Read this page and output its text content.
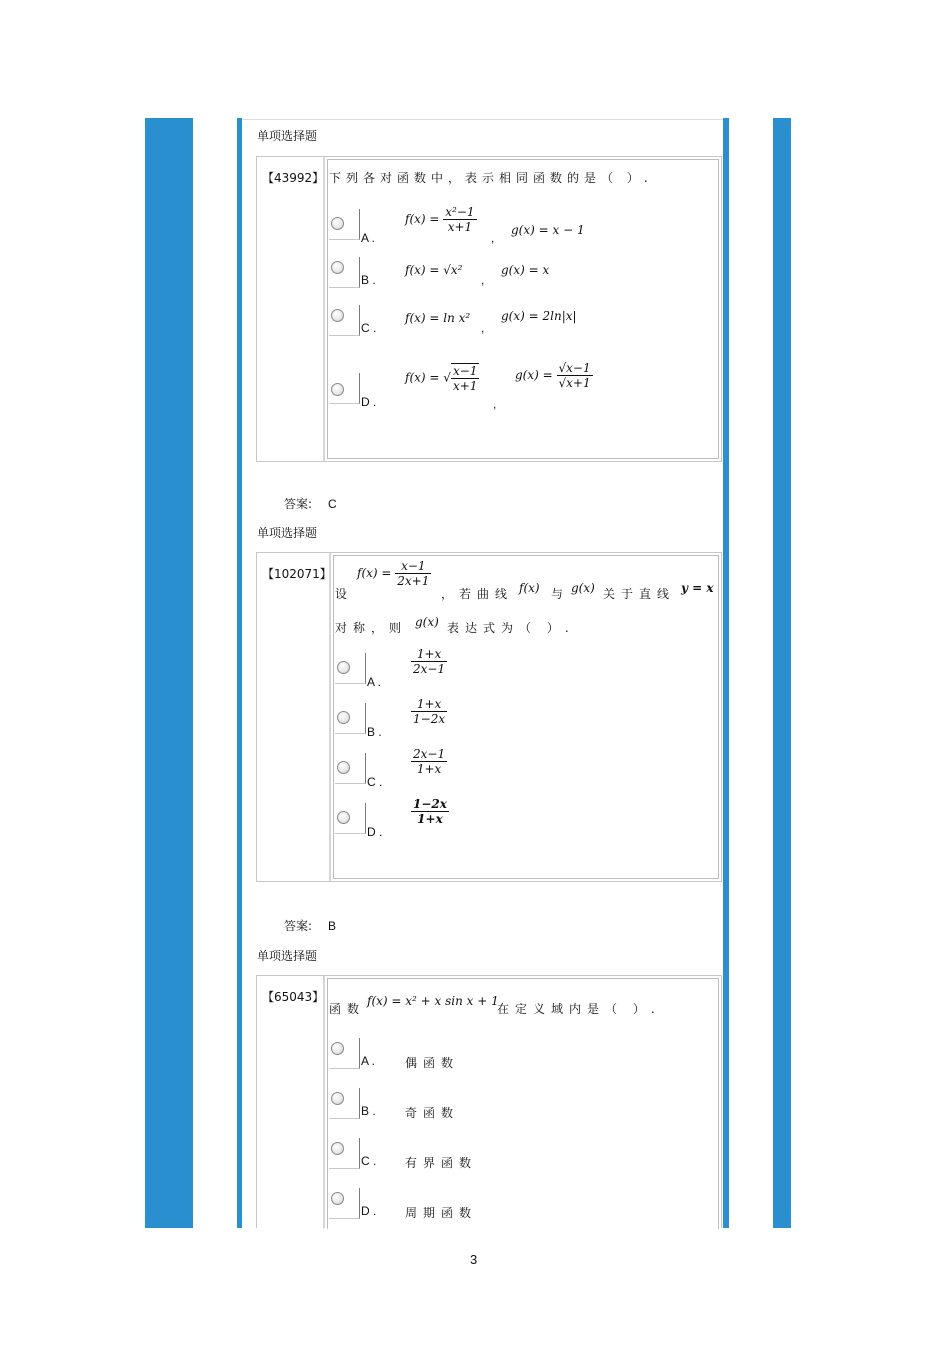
单项选择题
【43992】 下列各对函数中，表示相同函数的是（ ）.
A .
$f(x) = \frac{\text{x²−1}}{x+1}$
,
g(x) = x − 1
B .
f(x) = √x²
,
g(x) = x
C .
f(x) = ln x²
,
g(x) = 2ln|x|
D .
f(x) = √ $\frac{x-1}{x+1}$
,
$g(x) = \frac{√x-1}{√x+1}$
答案: C
单项选择题
【102071】
设
$f(x) = \frac{x-1}{2x+1}$
，若曲线 f(x) 与 g(x) 关于直线 y = x
对称，则 g(x) 表达式为（ ）.
A .
$\frac{1+x}{2x-1}$
B .
$\frac{1+x}{1-2x}$
C .
$\frac{2x-1}{1+x}$
D .
$\frac{1-2x}{1+x}$
答案: B
单项选择题
【65043】
函数
f(x) = x² + x sin x + 1
在定义域内是（ ）.
A . 偶函数
B . 奇函数
C . 有界函数
D . 周期函数
3
